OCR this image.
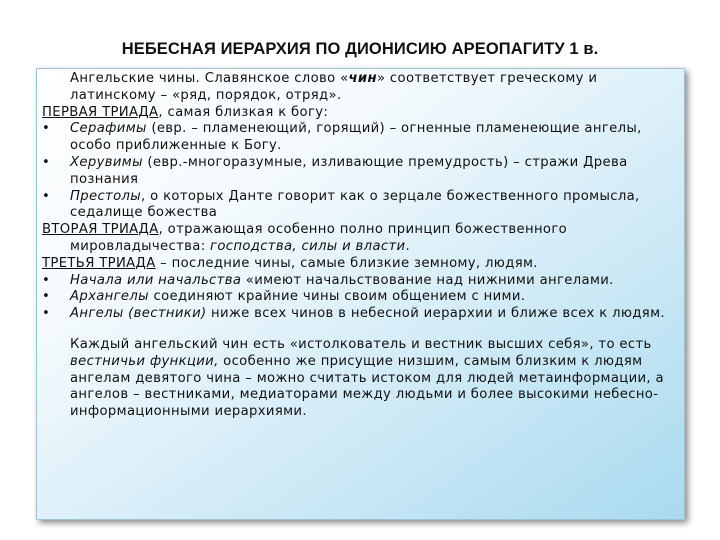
НЕБЕСНАЯ ИЕРАРХИЯ ПО ДИОНИСИЮ АРЕОПАГИТУ 1 в.

Ангельские чины. Славянское слово «чин» соответствует греческому и латинскому – «ряд, порядок, отряд».

ПЕРВАЯ ТРИАДА, самая близкая к богу:

• Серафимы (евр. – пламенеющий, горящий) – огненные пламенеющие ангелы, особо приближенные к Богу.

• Херувимы (евр.-многоразумные, изливающие премудрость) – стражи Древа познания

• Престолы, о которых Данте говорит как о зерцале божественного промысла, седалище божества

ВТОРАЯ ТРИАДА, отражающая особенно полно принцип божественного мировладычества: господства, силы и власти.

ТРЕТЬЯ ТРИАДА – последние чины, самые близкие земному, людям.

• Начала или начальства «имеют начальствование над нижними ангелами.

• Архангелы соединяют крайние чины своим общением с ними.

• Ангелы (вестники) ниже всех чинов в небесной иерархии и ближе всех к людям.

Каждый ангельский чин есть «истолкователь и вестник высших себя», то есть вестничьи функции, особенно же присущие низшим, самым близким к людям ангелам девятого чина – можно считать истоком для людей метаинформации, а ангелов – вестниками, медиаторами между людьми и более высокими небесно-информационными иерархиями.
